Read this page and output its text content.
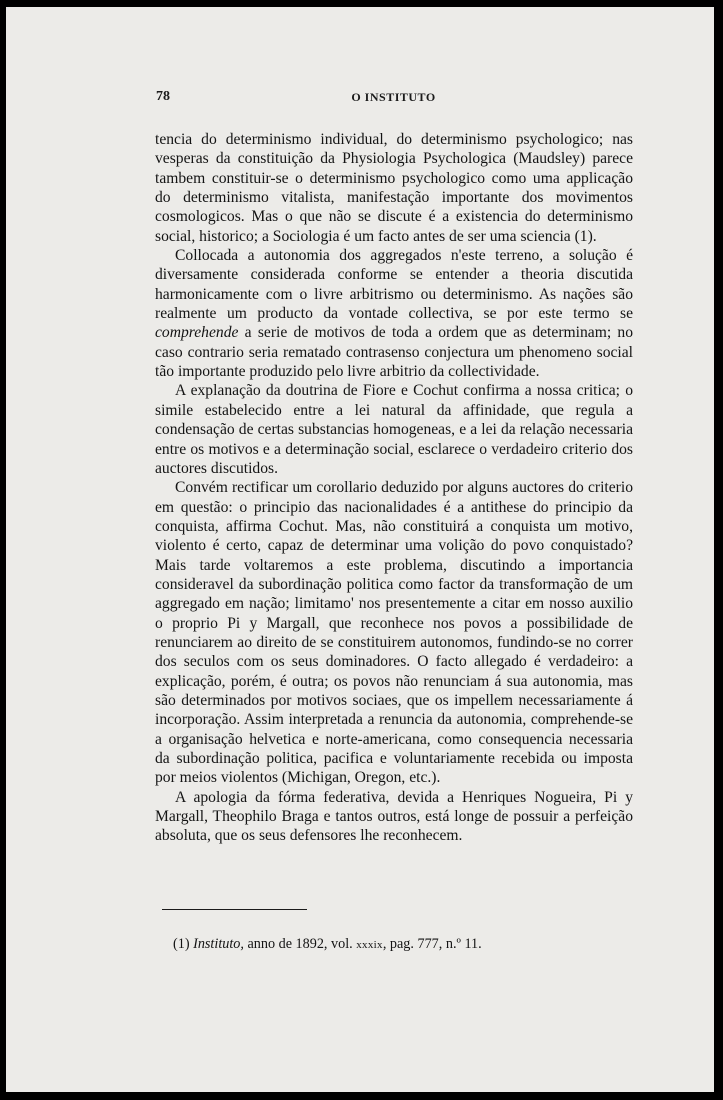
78	O INSTITUTO

tencia do determinismo individual, do determinismo psychologico; nas vesperas da constituição da Physiologia Psychologica (Maudsley) parece tambem constituir-se o determinismo psychologico como uma applicação do determinismo vitalista, manifestação importante dos movimentos cosmologicos. Mas o que não se discute é a existencia do determinismo social, historico; a Sociologia é um facto antes de ser uma sciencia (1).

Collocada a autonomia dos aggregados n'este terreno, a solução é diversamente considerada conforme se entender a theoria discutida harmonicamente com o livre arbitrismo ou determinismo. As nações são realmente um producto da vontade collectiva, se por este termo se comprehende a serie de motivos de toda a ordem que as determinam; no caso contrario seria rematado contrasenso conjectura um phenomeno social tão importante produzido pelo livre arbitrio da collectividade.

A explanação da doutrina de Fiore e Cochut confirma a nossa critica; o simile estabelecido entre a lei natural da affinidade, que regula a condensação de certas substancias homogeneas, e a lei da relação necessaria entre os motivos e a determinação social, esclarece o verdadeiro criterio dos auctores discutidos.

Convém rectificar um corollario deduzido por alguns auctores do criterio em questão: o principio das nacionalidades é a antithese do principio da conquista, affirma Cochut. Mas, não constituirá a conquista um motivo, violento é certo, capaz de determinar uma volição do povo conquistado? Mais tarde voltaremos a este problema, discutindo a importancia consideravel da subordinação politica como factor da transformação de um aggregado em nação; limitamo' nos presentemente a citar em nosso auxilio o proprio Pi y Margall, que reconhece nos povos a possibilidade de renunciarem ao direito de se constituirem autonomos, fundindo-se no correr dos seculos com os seus dominadores. O facto allegado é verdadeiro: a explicação, porém, é outra; os povos não renunciam á sua autonomia, mas são determinados por motivos sociaes, que os impellem necessariamente á incorporação. Assim interpretada a renuncia da autonomia, comprehende-se a organisação helvetica e norte-americana, como consequencia necessaria da subordinação politica, pacifica e voluntariamente recebida ou imposta por meios violentos (Michigan, Oregon, etc.).

A apologia da fórma federativa, devida a Henriques Nogueira, Pi y Margall, Theophilo Braga e tantos outros, está longe de possuir a perfeição absoluta, que os seus defensores lhe reconhecem.

(1) Instituto, anno de 1892, vol. xxxix, pag. 777, n.º 11.
